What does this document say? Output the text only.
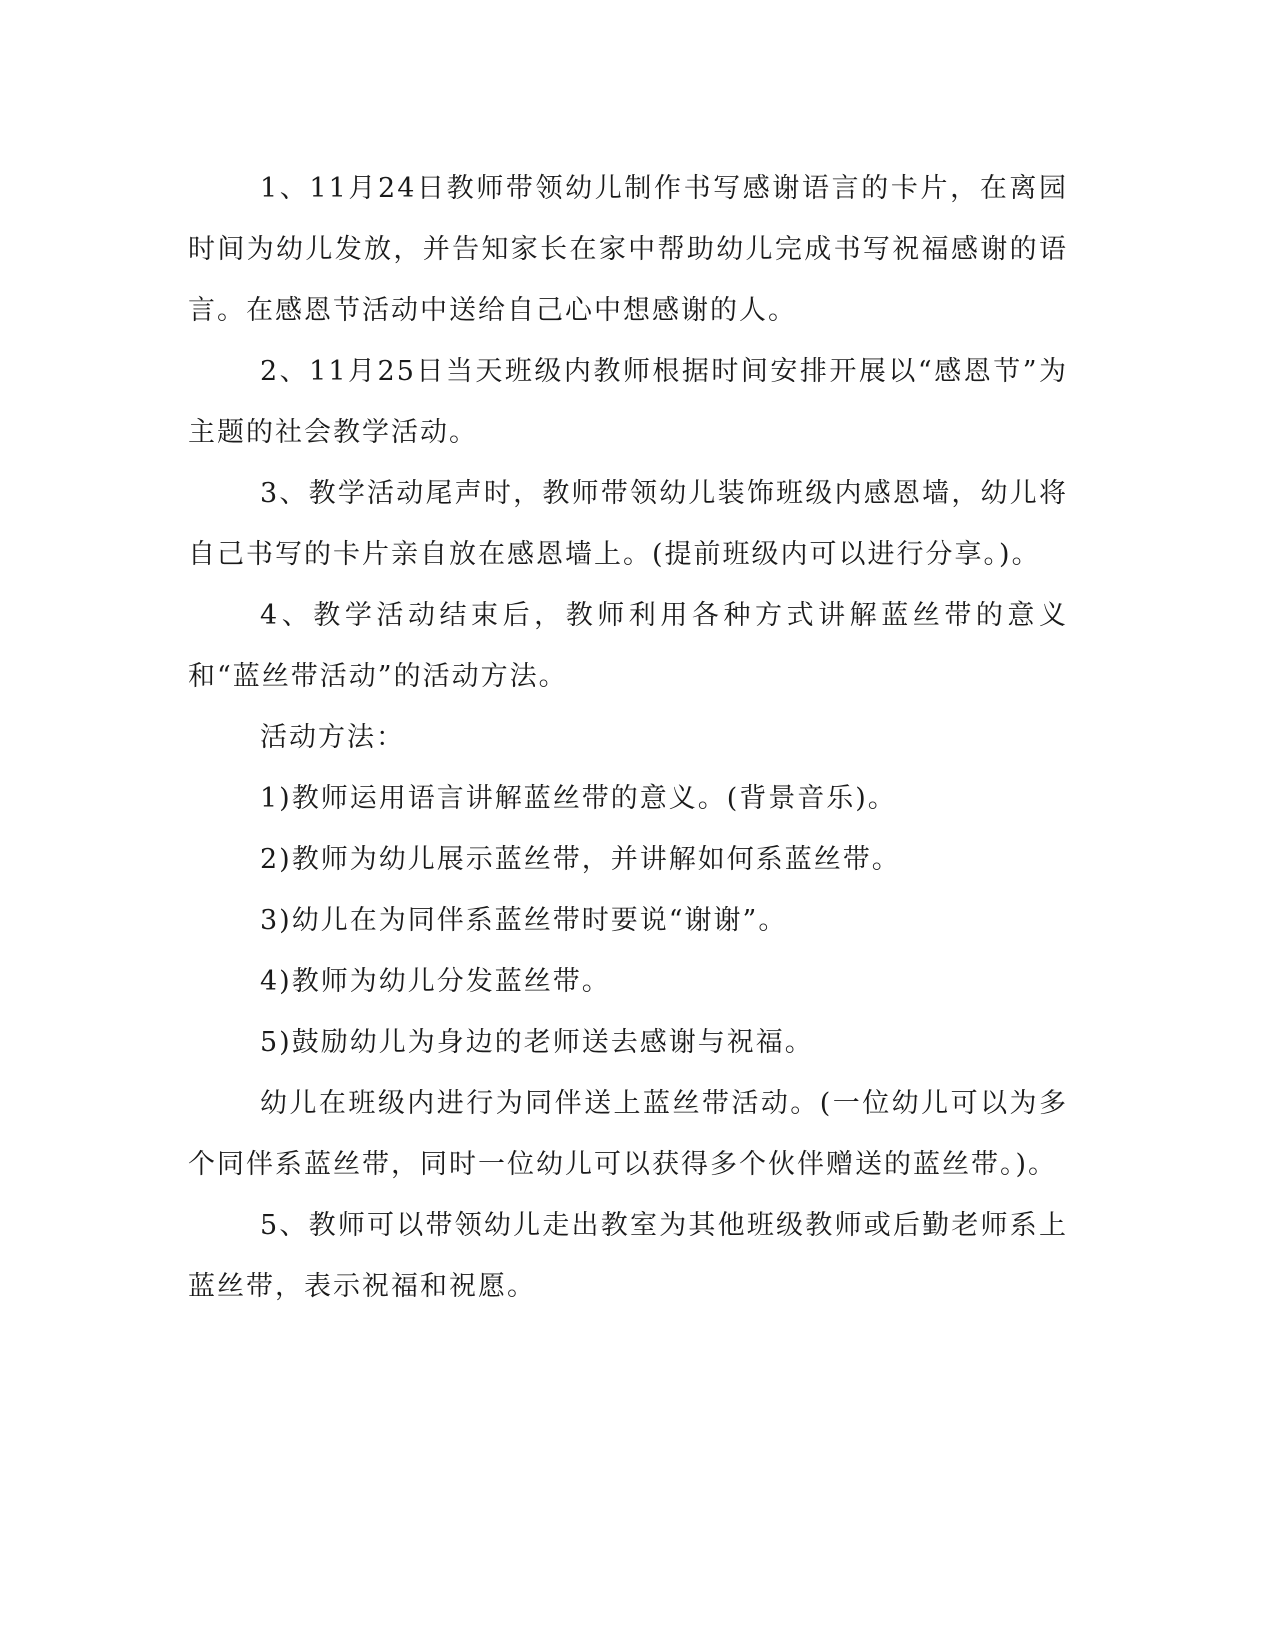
1、11月24日教师带领幼儿制作书写感谢语言的卡片，在离园时间为幼儿发放，并告知家长在家中帮助幼儿完成书写祝福感谢的语言。在感恩节活动中送给自己心中想感谢的人。

2、11月25日当天班级内教师根据时间安排开展以“感恩节”为主题的社会教学活动。

3、教学活动尾声时，教师带领幼儿装饰班级内感恩墙，幼儿将自己书写的卡片亲自放在感恩墙上。(提前班级内可以进行分享。)。

4、教学活动结束后，教师利用各种方式讲解蓝丝带的意义和“蓝丝带活动”的活动方法。

活动方法：

1)教师运用语言讲解蓝丝带的意义。(背景音乐)。

2)教师为幼儿展示蓝丝带，并讲解如何系蓝丝带。

3)幼儿在为同伴系蓝丝带时要说“谢谢”。

4)教师为幼儿分发蓝丝带。

5)鼓励幼儿为身边的老师送去感谢与祝福。

幼儿在班级内进行为同伴送上蓝丝带活动。(一位幼儿可以为多个同伴系蓝丝带，同时一位幼儿可以获得多个伙伴赠送的蓝丝带。)。

5、教师可以带领幼儿走出教室为其他班级教师或后勤老师系上蓝丝带，表示祝福和祝愿。
